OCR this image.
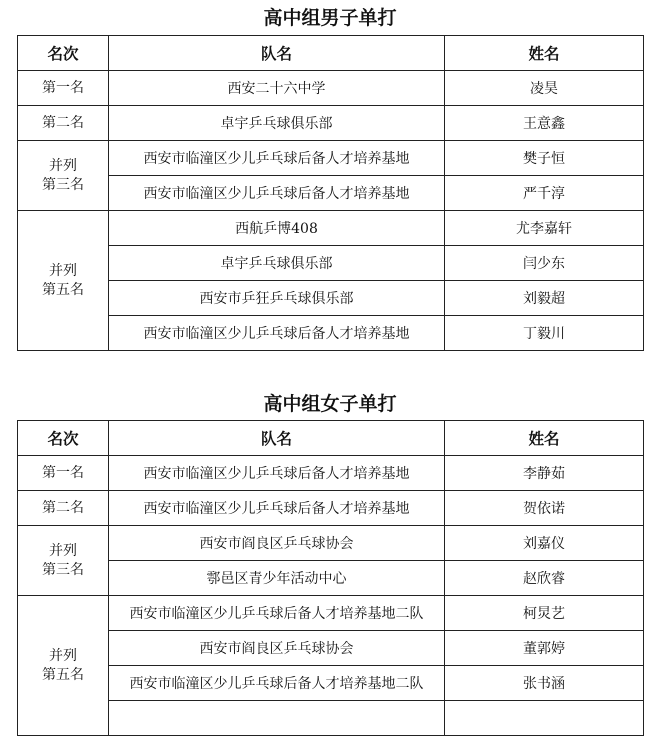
高中组男子单打
名次	队名	姓名
第一名	西安二十六中学	凌昊
第二名	卓宇乒乓球俱乐部	王意鑫
并列
第三名	西安市临潼区少儿乒乓球后备人才培养基地	樊子恒
	西安市临潼区少儿乒乓球后备人才培养基地	严千淳
并列
第五名	西航乒博408	尤李嘉轩
	卓宇乒乓球俱乐部	闫少东
	西安市乒狂乒乓球俱乐部	刘毅超
	西安市临潼区少儿乒乓球后备人才培养基地	丁毅川
高中组女子单打
名次	队名	姓名
第一名	西安市临潼区少儿乒乓球后备人才培养基地	李静茹
第二名	西安市临潼区少儿乒乓球后备人才培养基地	贺依诺
并列
第三名	西安市阎良区乒乓球协会	刘嘉仪
	鄠邑区青少年活动中心	赵欣睿
并列
第五名	西安市临潼区少儿乒乓球后备人才培养基地二队	柯炅艺
	西安市阎良区乒乓球协会	董郭婷
	西安市临潼区少儿乒乓球后备人才培养基地二队	张书涵
